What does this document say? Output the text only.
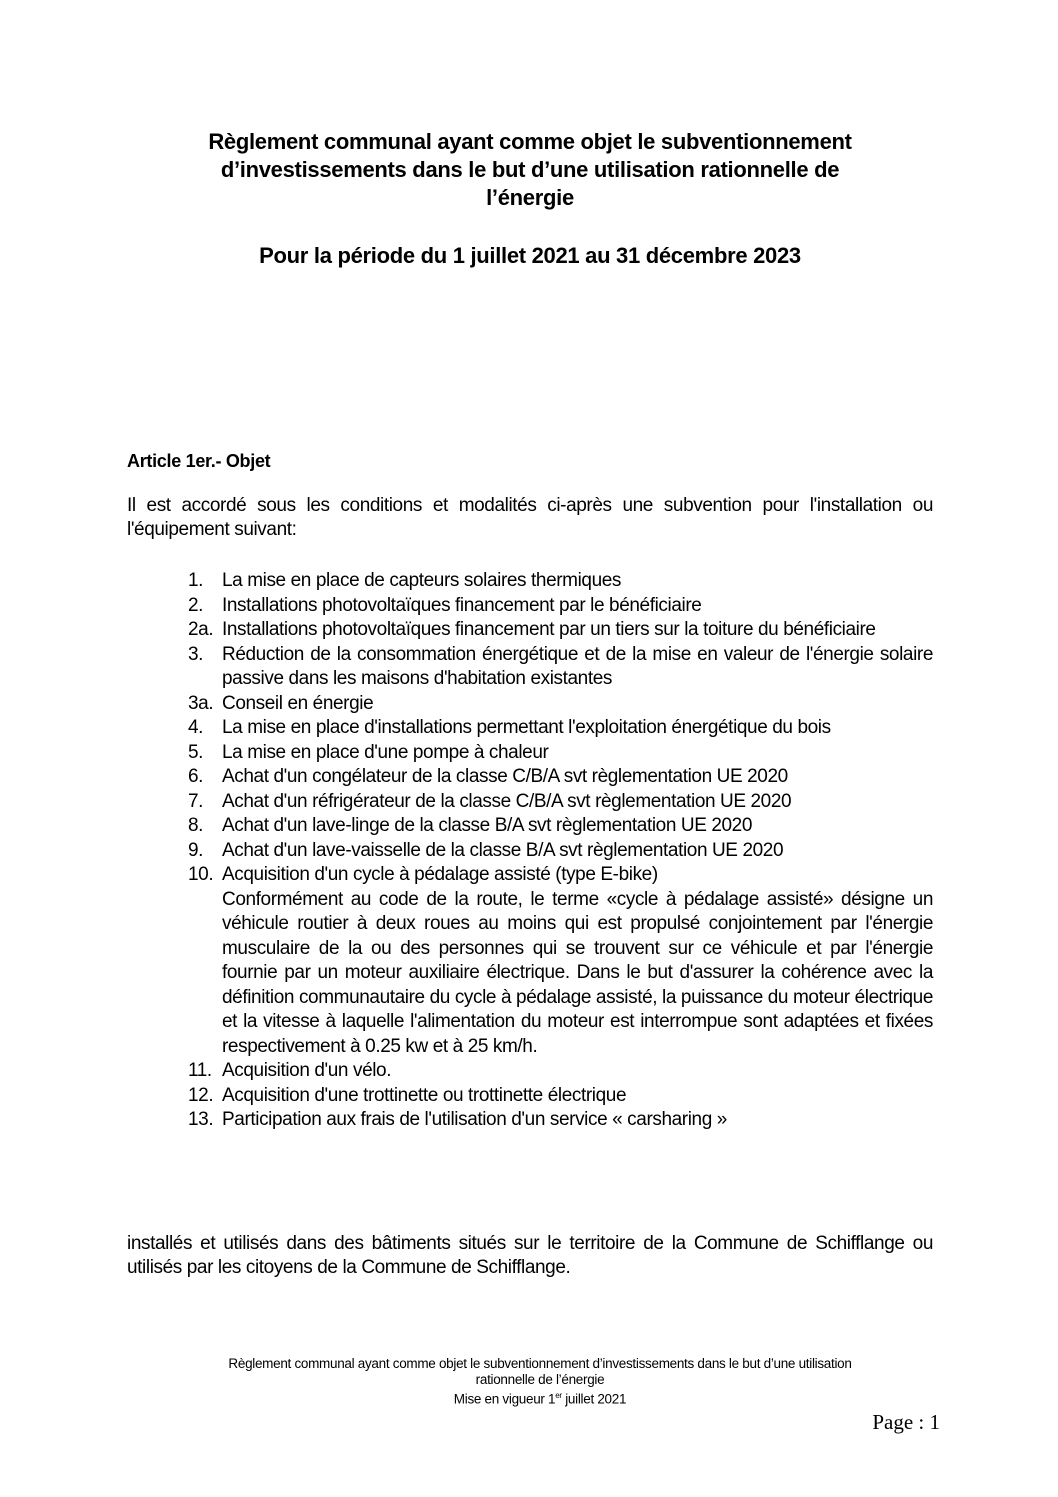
Règlement communal ayant comme objet le subventionnement
d’investissements dans le but d’une utilisation rationnelle de
l’énergie
Pour la période du 1 juillet 2021 au 31 décembre 2023
Article 1er.- Objet
Il est accordé sous les conditions et modalités ci-après une subvention pour l'installation ou l'équipement suivant:
1. La mise en place de capteurs solaires thermiques
2. Installations photovoltaïques financement par le bénéficiaire
2a. Installations photovoltaïques financement par un tiers sur la toiture du bénéficiaire
3. Réduction de la consommation énergétique et de la mise en valeur de l'énergie solaire passive dans les maisons d'habitation existantes
3a. Conseil en énergie
4. La mise en place d'installations permettant l'exploitation énergétique du bois
5. La mise en place d'une pompe à chaleur
6. Achat d'un congélateur de la classe C/B/A svt règlementation UE 2020
7. Achat d'un réfrigérateur de la classe C/B/A svt règlementation UE 2020
8. Achat d'un lave-linge de la classe B/A svt règlementation UE 2020
9. Achat d'un lave-vaisselle de la classe B/A svt règlementation UE 2020
10. Acquisition d'un cycle à pédalage assisté (type E-bike)
Conformément au code de la route, le terme «cycle à pédalage assisté» désigne un véhicule routier à deux roues au moins qui est propulsé conjointement par l'énergie musculaire de la ou des personnes qui se trouvent sur ce véhicule et par l'énergie fournie par un moteur auxiliaire électrique. Dans le but d'assurer la cohérence avec la définition communautaire du cycle à pédalage assisté, la puissance du moteur électrique et la vitesse à laquelle l'alimentation du moteur est interrompue sont adaptées et fixées respectivement à 0.25 kw et à 25 km/h.
11. Acquisition d'un vélo.
12. Acquisition d'une trottinette ou trottinette électrique
13. Participation aux frais de l'utilisation d'un service « carsharing »
installés et utilisés dans des bâtiments situés sur le territoire de la Commune de Schifflange ou utilisés par les citoyens de la Commune de Schifflange.
Règlement communal ayant comme objet le subventionnement d’investissements dans le but d’une utilisation
rationnelle de l’énergie
Mise en vigueur 1er juillet 2021
Page : 1
